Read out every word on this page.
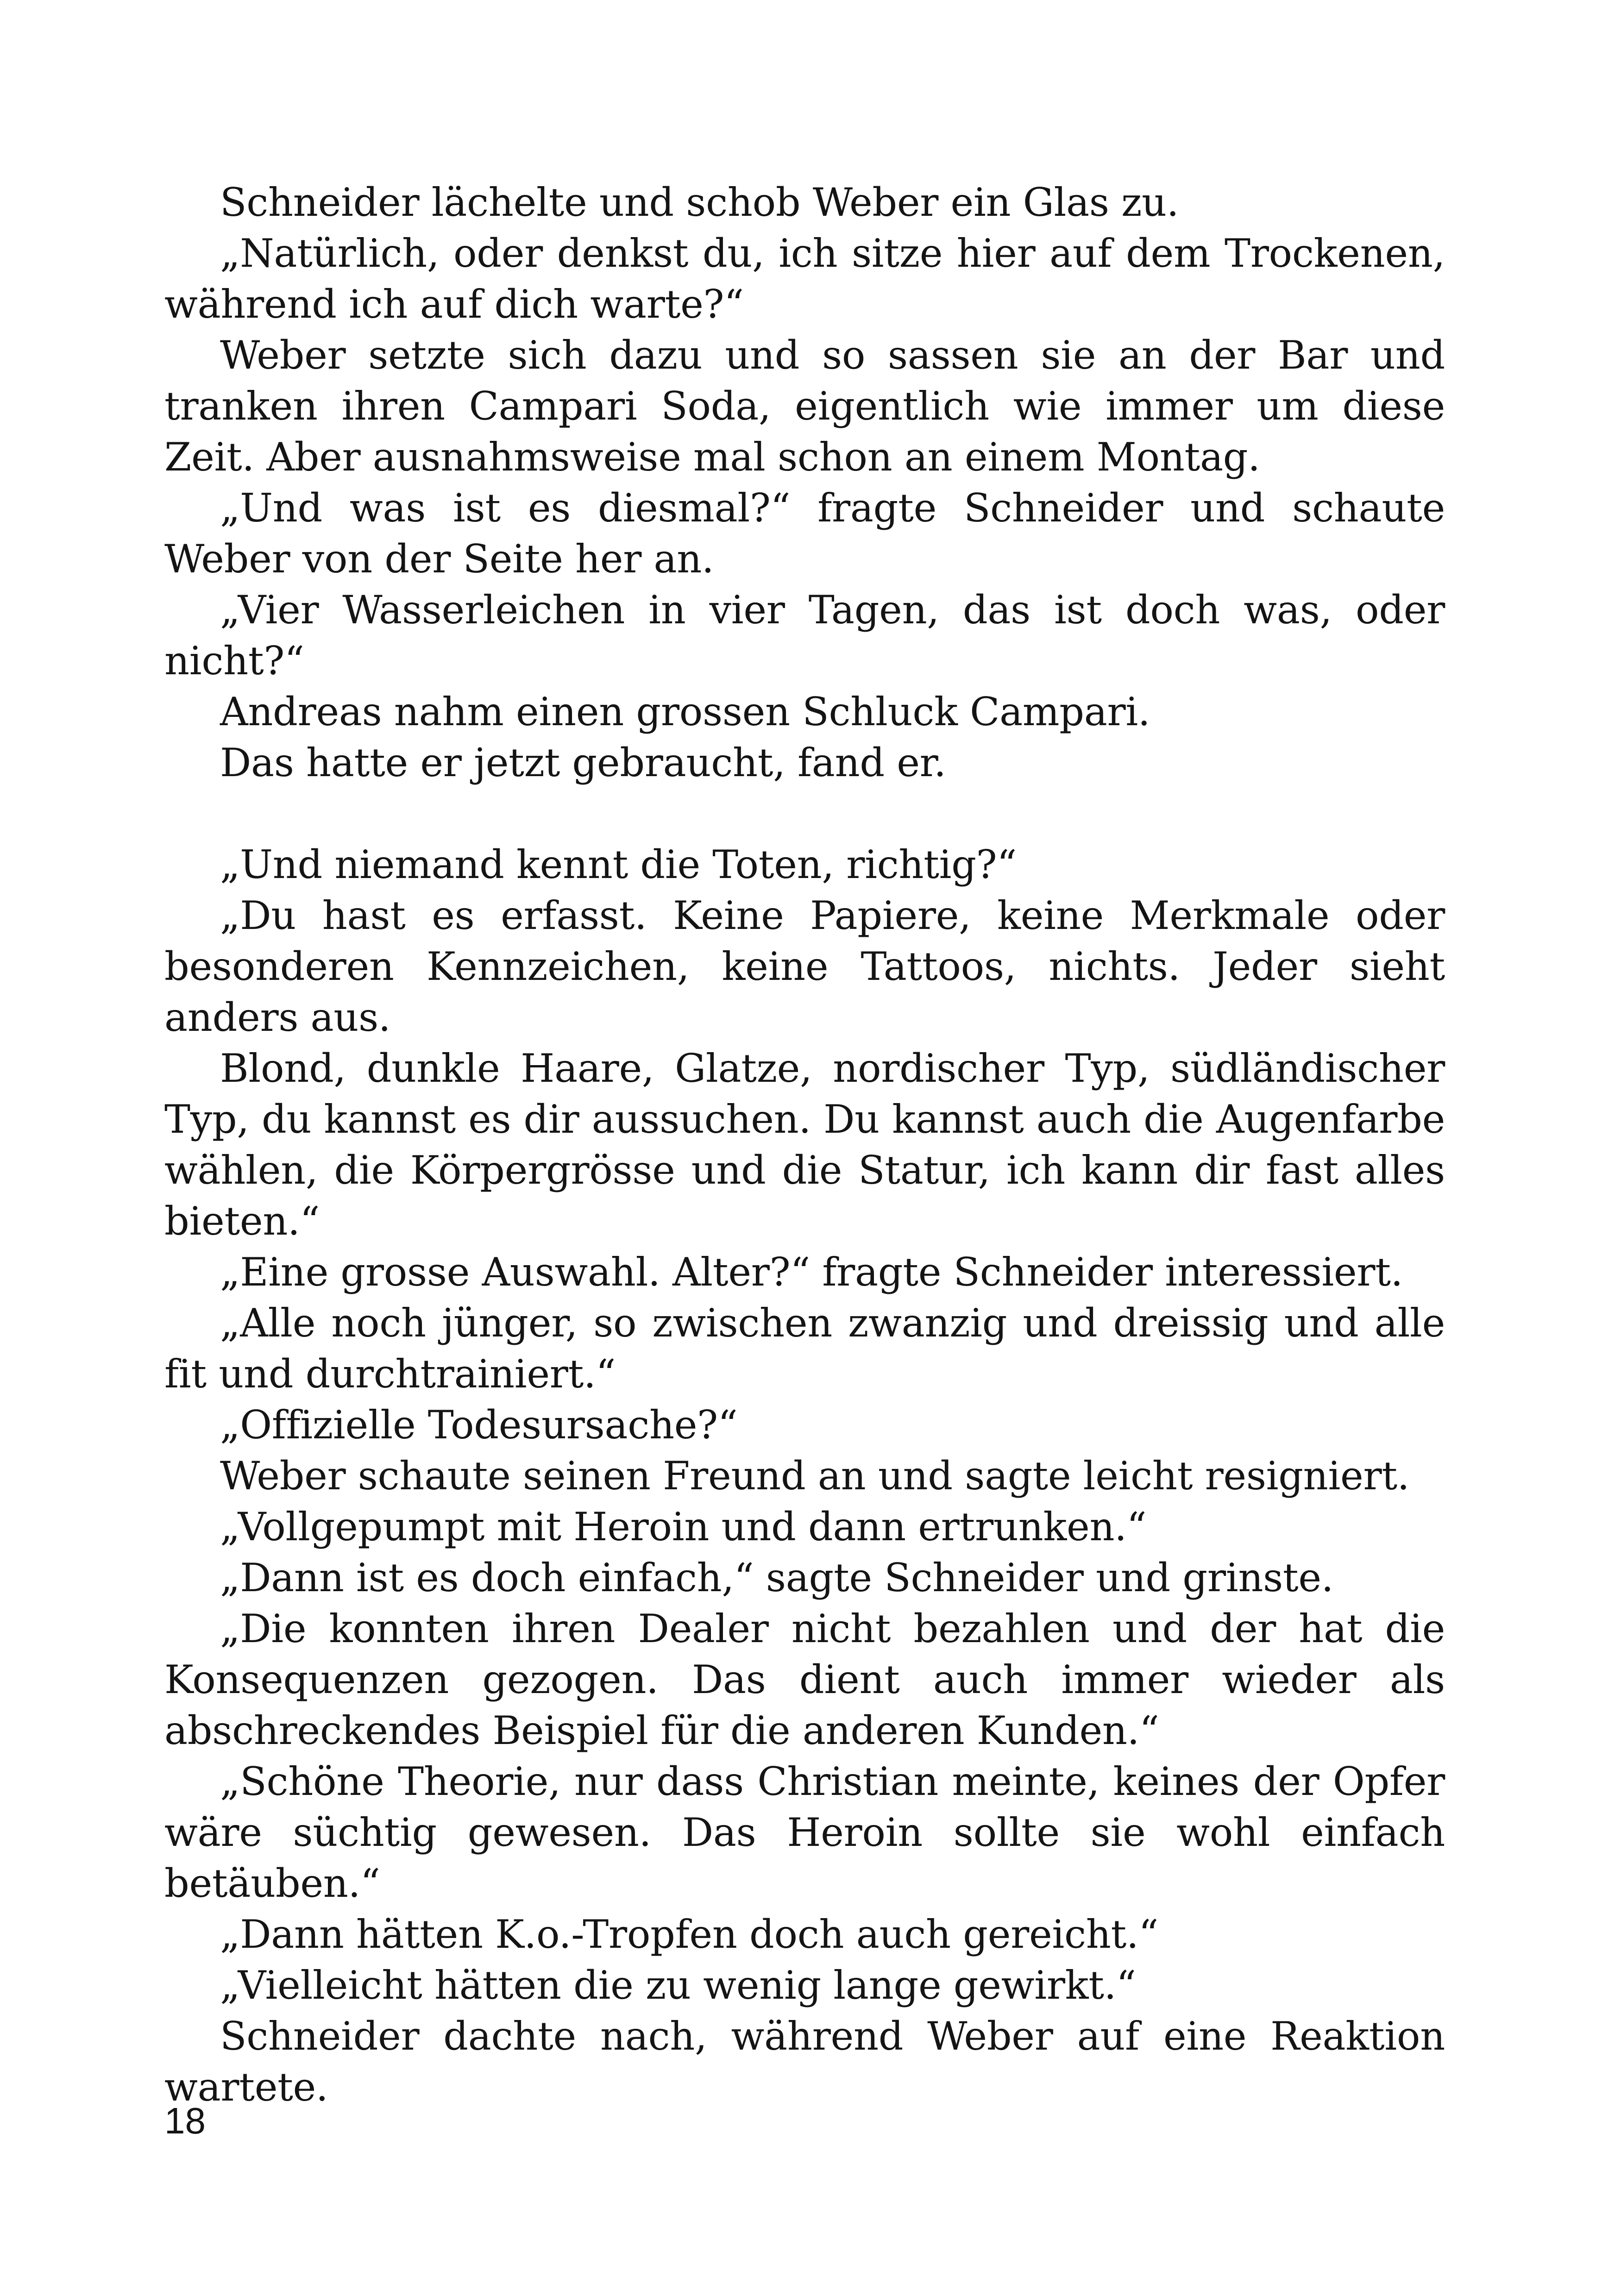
Schneider lächelte und schob Weber ein Glas zu.

„Natürlich, oder denkst du, ich sitze hier auf dem Trockenen, während ich auf dich warte?“

Weber setzte sich dazu und so sassen sie an der Bar und tranken ihren Campari Soda, eigentlich wie immer um diese Zeit. Aber ausnahmsweise mal schon an einem Montag.

„Und was ist es diesmal?“ fragte Schneider und schaute Weber von der Seite her an.

„Vier Wasserleichen in vier Tagen, das ist doch was, oder nicht?“

Andreas nahm einen grossen Schluck Campari.

Das hatte er jetzt gebraucht, fand er.

„Und niemand kennt die Toten, richtig?“

„Du hast es erfasst. Keine Papiere, keine Merkmale oder besonderen Kennzeichen, keine Tattoos, nichts. Jeder sieht anders aus.

Blond, dunkle Haare, Glatze, nordischer Typ, südländischer Typ, du kannst es dir aussuchen. Du kannst auch die Augenfarbe wählen, die Körpergrösse und die Statur, ich kann dir fast alles bieten.“

„Eine grosse Auswahl. Alter?“ fragte Schneider interessiert.

„Alle noch jünger, so zwischen zwanzig und dreissig und alle fit und durchtrainiert.“

„Offizielle Todesursache?“

Weber schaute seinen Freund an und sagte leicht resigniert.

„Vollgepumpt mit Heroin und dann ertrunken.“

„Dann ist es doch einfach,“ sagte Schneider und grinste.

„Die konnten ihren Dealer nicht bezahlen und der hat die Konsequenzen gezogen. Das dient auch immer wieder als abschreckendes Beispiel für die anderen Kunden.“

„Schöne Theorie, nur dass Christian meinte, keines der Opfer wäre süchtig gewesen. Das Heroin sollte sie wohl einfach betäuben.“

„Dann hätten K.o.-Tropfen doch auch gereicht.“

„Vielleicht hätten die zu wenig lange gewirkt.“

Schneider dachte nach, während Weber auf eine Reaktion wartete.

18
